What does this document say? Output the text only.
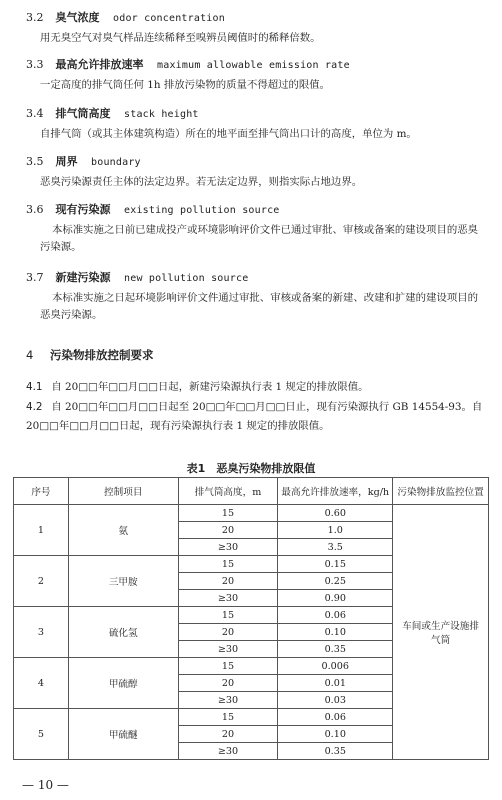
3.2 臭气浓度 odor concentration
用无臭空气对臭气样品连续稀释至嗅辨员阈值时的稀释倍数。
3.3 最高允许排放速率 maximum allowable emission rate
一定高度的排气筒任何 1h 排放污染物的质量不得超过的限值。
3.4 排气筒高度 stack height
自排气筒（或其主体建筑构造）所在的地平面至排气筒出口计的高度，单位为 m。
3.5 周界 boundary
恶臭污染源责任主体的法定边界。若无法定边界，则指实际占地边界。
3.6 现有污染源 existing pollution source
本标准实施之日前已建成投产或环境影响评价文件已通过审批、审核或备案的建设项目的恶臭污染源。
3.7 新建污染源 new pollution source
本标准实施之日起环境影响评价文件通过审批、审核或备案的新建、改建和扩建的建设项目的恶臭污染源。
4 污染物排放控制要求
4.1 自 20□□年□□月□□日起，新建污染源执行表 1 规定的排放限值。
4.2 自 20□□年□□月□□日起至 20□□年□□月□□日止，现有污染源执行 GB 14554-93。自 20□□年□□月□□日起，现有污染源执行表 1 规定的排放限值。
表1　恶臭污染物排放限值
序号	控制项目	排气筒高度，m	最高允许排放速率，kg/h	污染物排放监控位置
1	氨	15	0.60	车间或生产设施排气筒
		20	1.0	
		≥30	3.5	
2	三甲胺	15	0.15	
		20	0.25	
		≥30	0.90	
3	硫化氢	15	0.06	
		20	0.10	
		≥30	0.35	
4	甲硫醇	15	0.006	
		20	0.01	
		≥30	0.03	
5	甲硫醚	15	0.06	
		20	0.10	
		≥30	0.35	
— 10 —
